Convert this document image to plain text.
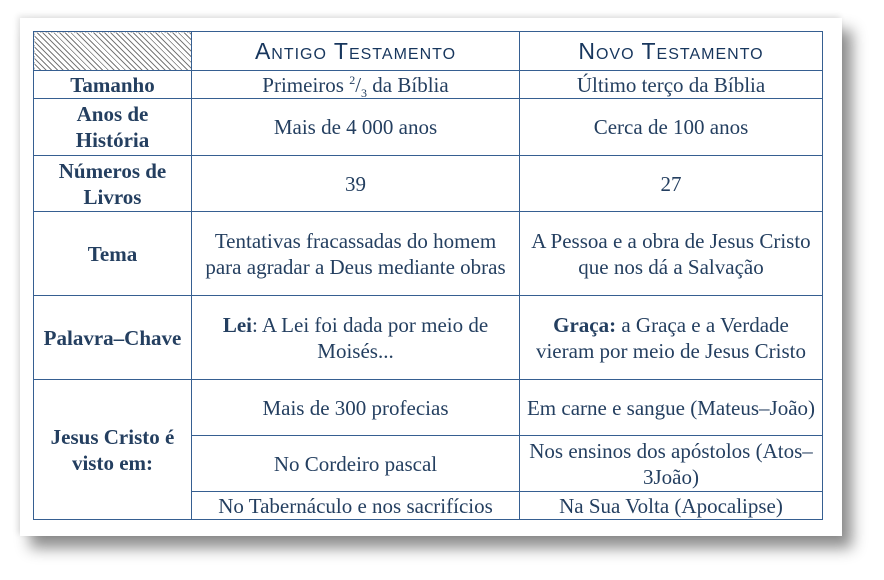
	Antigo Testamento	Novo Testamento
Tamanho	Primeiros $^2/_3$ da Bíblia	Último terço da Bíblia
Anos de História	Mais de 4 000 anos	Cerca de 100 anos
Números de Livros	39	27
Tema	Tentativas fracassadas do homem para agradar a Deus mediante obras	A Pessoa e a obra de Jesus Cristo que nos dá a Salvação
Palavra–Chave	Lei: A Lei foi dada por meio de Moisés...	Graça: a Graça e a Verdade vieram por meio de Jesus Cristo
Jesus Cristo é visto em:	Mais de 300 profecias	Em carne e sangue (Mateus–João)
	No Cordeiro pascal	Nos ensinos dos apóstolos (Atos–3João)
	No Tabernáculo e nos sacrifícios	Na Sua Volta (Apocalipse)
